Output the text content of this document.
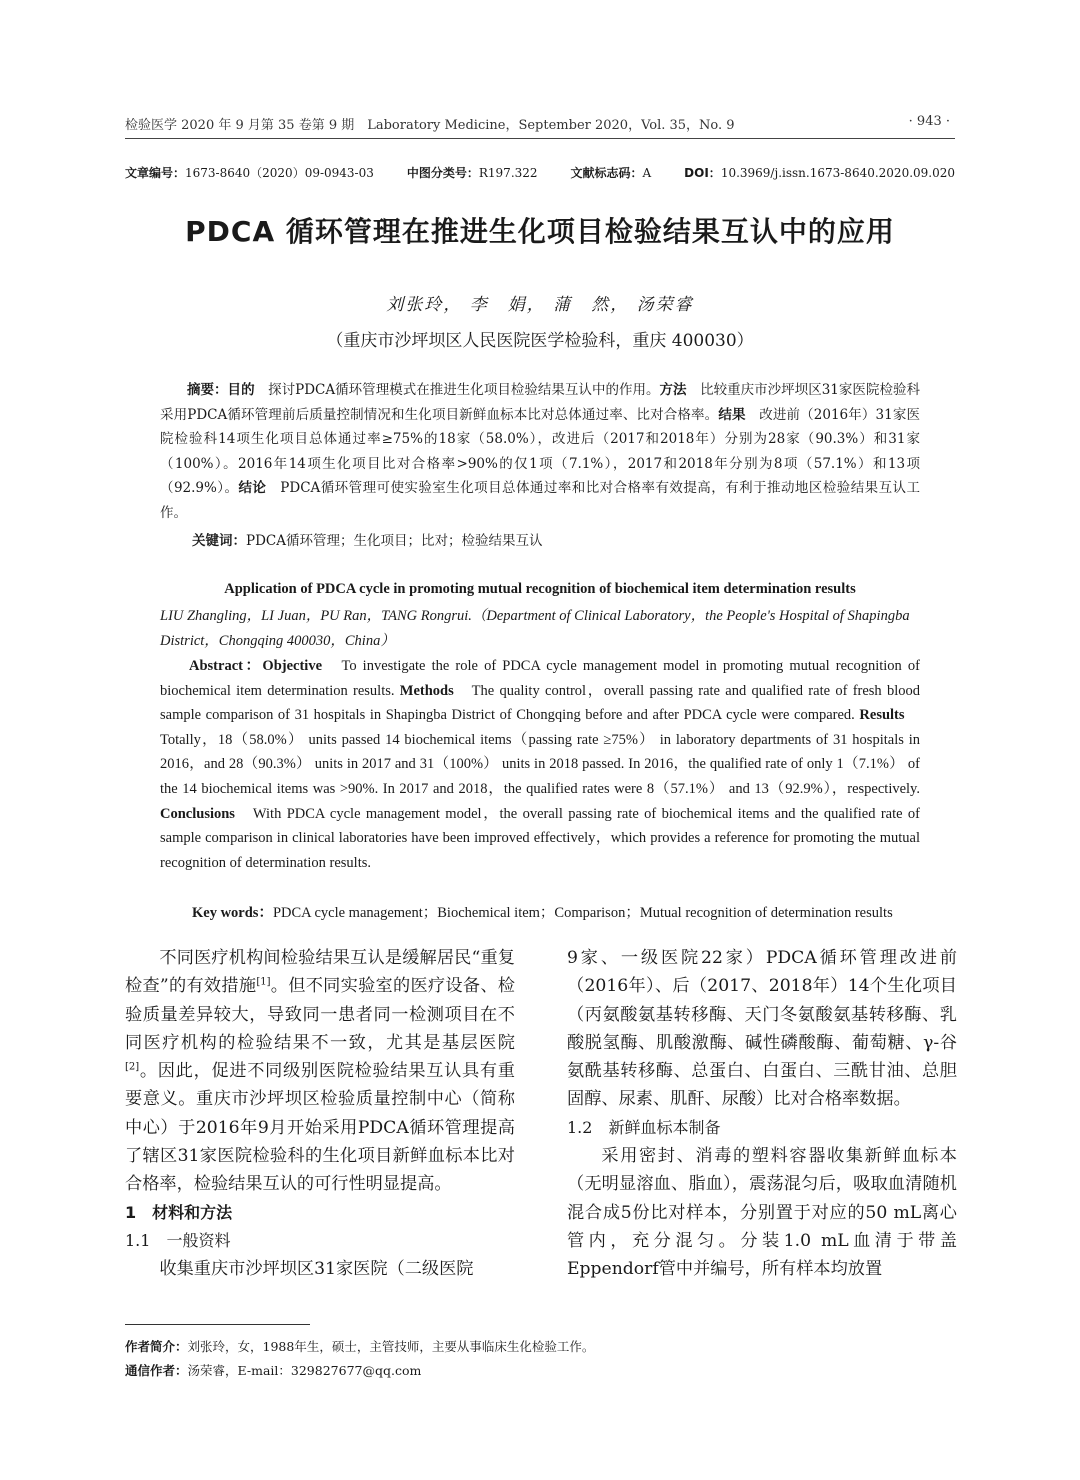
检验医学 2020 年 9 月第 35 卷第 9 期　Laboratory Medicine，September 2020，Vol. 35，No. 9	· 943 ·
文章编号：1673-8640（2020）09-0943-03	中图分类号：R197.322	文献标志码：A	DOI：10.3969/j.issn.1673-8640.2020.09.020
PDCA 循环管理在推进生化项目检验结果互认中的应用
刘张玲， 李　娟， 蒲　然， 汤荣睿
（重庆市沙坪坝区人民医院医学检验科，重庆 400030）
  摘要：目的　探讨PDCA循环管理模式在推进生化项目检验结果互认中的作用。方法　比较重庆市沙坪坝区31家医院检验科采用PDCA循环管理前后质量控制情况和生化项目新鲜血标本比对总体通过率、比对合格率。结果　改进前（2016年）31家医院检验科14项生化项目总体通过率≥75%的18家（58.0%），改进后（2017和2018年）分别为28家（90.3%）和31家（100%）。2016年14项生化项目比对合格率>90%的仅1项（7.1%），2017和2018年分别为8项（57.1%）和13项（92.9%）。结论　PDCA循环管理可使实验室生化项目总体通过率和比对合格率有效提高，有利于推动地区检验结果互认工作。
关键词：PDCA循环管理；生化项目；比对；检验结果互认
Application of PDCA cycle in promoting mutual recognition of biochemical item determination results
LIU Zhangling，LI Juan，PU Ran，TANG Rongrui.（Department of Clinical Laboratory，the People's Hospital of Shapingba District，Chongqing 400030，China）
  Abstract：Objective　To investigate the role of PDCA cycle management model in promoting mutual recognition of biochemical item determination results. Methods　The quality control，overall passing rate and qualified rate of fresh blood sample comparison of 31 hospitals in Shapingba District of Chongqing before and after PDCA cycle were compared. Results　Totally，18（58.0%） units passed 14 biochemical items（passing rate ≥75%） in laboratory departments of 31 hospitals in 2016，and 28（90.3%） units in 2017 and 31（100%） units in 2018 passed. In 2016，the qualified rate of only 1（7.1%） of the 14 biochemical items was >90%. In 2017 and 2018，the qualified rates were 8（57.1%） and 13（92.9%），respectively. Conclusions　With PDCA cycle management model，the overall passing rate of biochemical items and the qualified rate of sample comparison in clinical laboratories have been improved effectively，which provides a reference for promoting the mutual recognition of determination results.
Key words：PDCA cycle management；Biochemical item；Comparison；Mutual recognition of determination results

不同医疗机构间检验结果互认是缓解居民“重复检查”的有效措施[1]。但不同实验室的医疗设备、检验质量差异较大，导致同一患者同一检测项目在不同医疗机构的检验结果不一致，尤其是基层医院[2]。因此，促进不同级别医院检验结果互认具有重要意义。重庆市沙坪坝区检验质量控制中心（简称中心）于2016年9月开始采用PDCA循环管理提高了辖区31家医院检验科的生化项目新鲜血标本比对合格率，检验结果互认的可行性明显提高。

1　材料和方法

1.1　一般资料

收集重庆市沙坪坝区31家医院（二级医院

9家、一级医院22家）PDCA循环管理改进前（2016年）、后（2017、2018年）14个生化项目（丙氨酸氨基转移酶、天门冬氨酸氨基转移酶、乳酸脱氢酶、肌酸激酶、碱性磷酸酶、葡萄糖、γ-谷氨酰基转移酶、总蛋白、白蛋白、三酰甘油、总胆固醇、尿素、肌酐、尿酸）比对合格率数据。

1.2　新鲜血标本制备

采用密封、消毒的塑料容器收集新鲜血标本（无明显溶血、脂血），震荡混匀后，吸取血清随机混合成5份比对样本，分别置于对应的50 mL离心管内，充分混匀。分装1.0 mL血清于带盖Eppendorf管中并编号，所有样本均放置

作者简介：刘张玲，女，1988年生，硕士，主管技师，主要从事临床生化检验工作。
通信作者：汤荣睿，E-mail：329827677@qq.com
